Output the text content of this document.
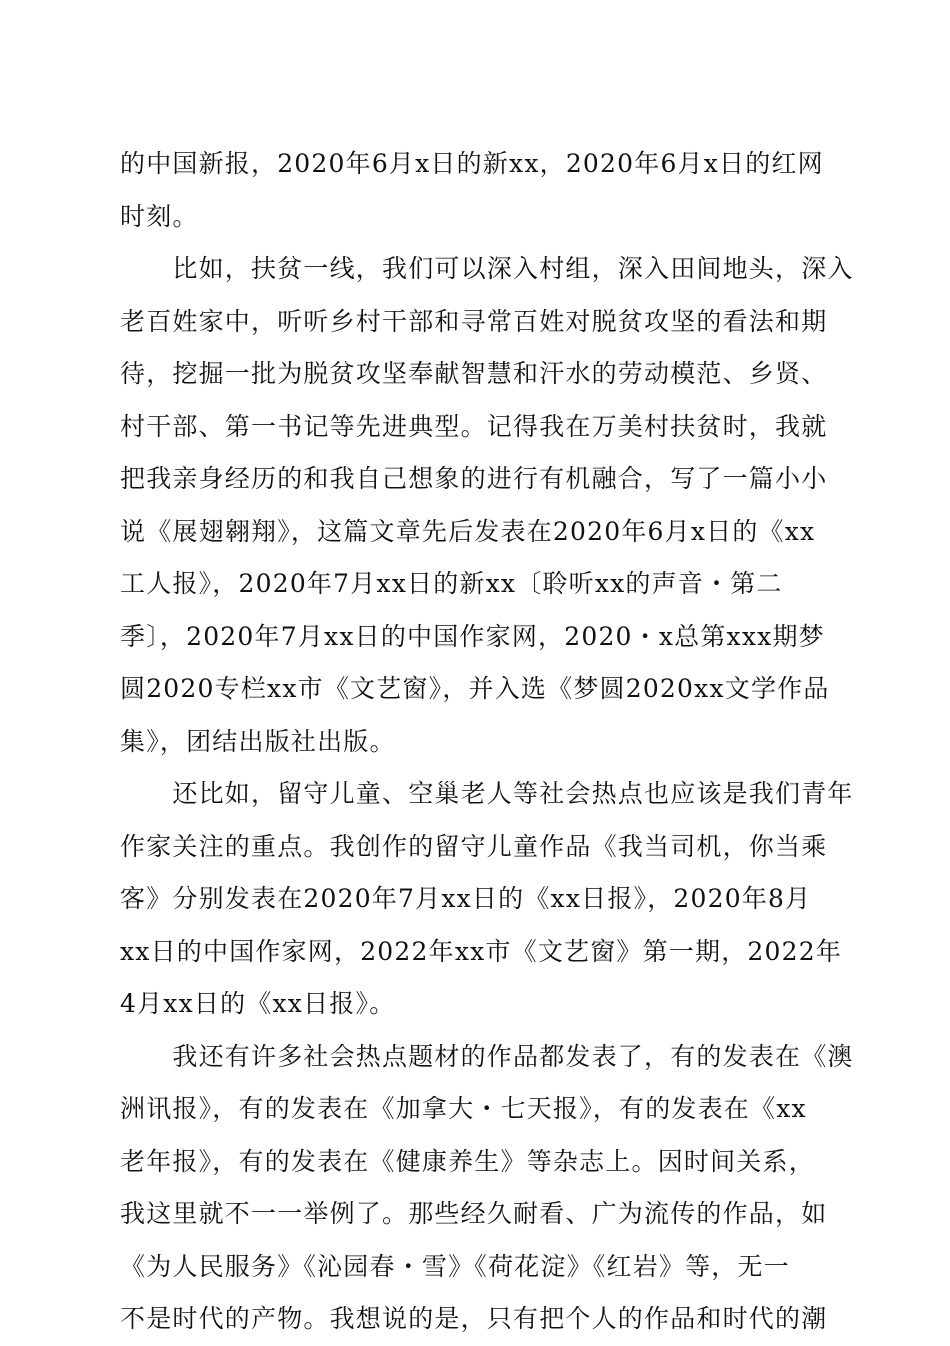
的中国新报，2020年6月x日的新xx，2020年6月x日的红网
时刻。
　　比如，扶贫一线，我们可以深入村组，深入田间地头，深入
老百姓家中，听听乡村干部和寻常百姓对脱贫攻坚的看法和期
待，挖掘一批为脱贫攻坚奉献智慧和汗水的劳动模范、乡贤、
村干部、第一书记等先进典型。记得我在万美村扶贫时，我就
把我亲身经历的和我自己想象的进行有机融合，写了一篇小小
说《展翅翱翔》，这篇文章先后发表在2020年6月x日的《xx
工人报》，2020年7月xx日的新xx〔聆听xx的声音・第二
季〕，2020年7月xx日的中国作家网，2020・x总第xxx期梦
圆2020专栏xx市《文艺窗》，并入选《梦圆2020xx文学作品
集》，团结出版社出版。
　　还比如，留守儿童、空巢老人等社会热点也应该是我们青年
作家关注的重点。我创作的留守儿童作品《我当司机，你当乘
客》分别发表在2020年7月xx日的《xx日报》，2020年8月
xx日的中国作家网，2022年xx市《文艺窗》第一期，2022年
4月xx日的《xx日报》。
　　我还有许多社会热点题材的作品都发表了，有的发表在《澳
洲讯报》，有的发表在《加拿大・七天报》，有的发表在《xx
老年报》，有的发表在《健康养生》等杂志上。因时间关系，
我这里就不一一举例了。那些经久耐看、广为流传的作品，如
《为人民服务》《沁园春・雪》《荷花淀》《红岩》等，无一
不是时代的产物。我想说的是，只有把个人的作品和时代的潮
